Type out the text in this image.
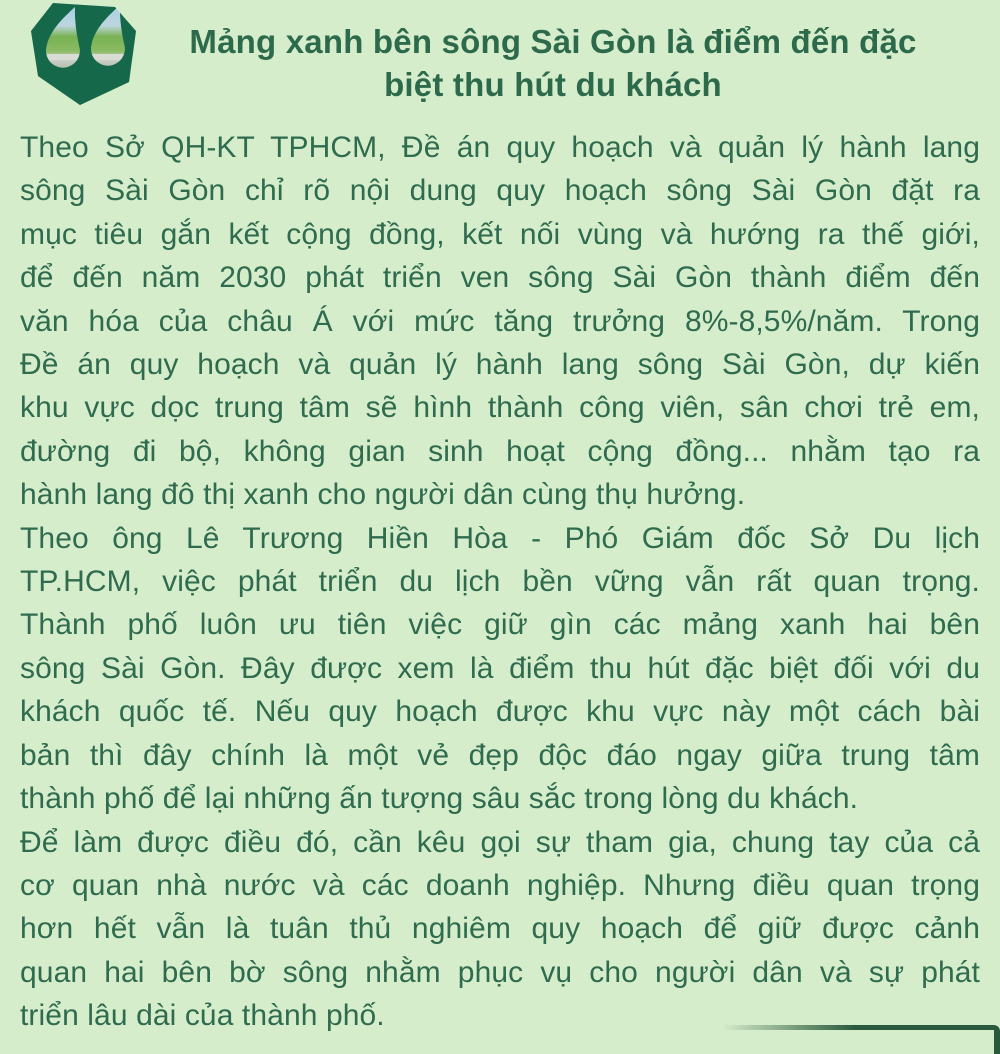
Mảng xanh bên sông Sài Gòn là điểm đến đặc
biệt thu hút du khách
Theo Sở QH-KT TPHCM, Đề án quy hoạch và quản lý hành lang
sông Sài Gòn chỉ rõ nội dung quy hoạch sông Sài Gòn đặt ra
mục tiêu gắn kết cộng đồng, kết nối vùng và hướng ra thế giới,
để đến năm 2030 phát triển ven sông Sài Gòn thành điểm đến
văn hóa của châu Á với mức tăng trưởng 8%-8,5%/năm. Trong
Đề án quy hoạch và quản lý hành lang sông Sài Gòn, dự kiến
khu vực dọc trung tâm sẽ hình thành công viên, sân chơi trẻ em,
đường đi bộ, không gian sinh hoạt cộng đồng... nhằm tạo ra
hành lang đô thị xanh cho người dân cùng thụ hưởng.
Theo ông Lê Trương Hiền Hòa - Phó Giám đốc Sở Du lịch
TP.HCM, việc phát triển du lịch bền vững vẫn rất quan trọng.
Thành phố luôn ưu tiên việc giữ gìn các mảng xanh hai bên
sông Sài Gòn. Đây được xem là điểm thu hút đặc biệt đối với du
khách quốc tế. Nếu quy hoạch được khu vực này một cách bài
bản thì đây chính là một vẻ đẹp độc đáo ngay giữa trung tâm
thành phố để lại những ấn tượng sâu sắc trong lòng du khách.
Để làm được điều đó, cần kêu gọi sự tham gia, chung tay của cả
cơ quan nhà nước và các doanh nghiệp. Nhưng điều quan trọng
hơn hết vẫn là tuân thủ nghiêm quy hoạch để giữ được cảnh
quan hai bên bờ sông nhằm phục vụ cho người dân và sự phát
triển lâu dài của thành phố.
